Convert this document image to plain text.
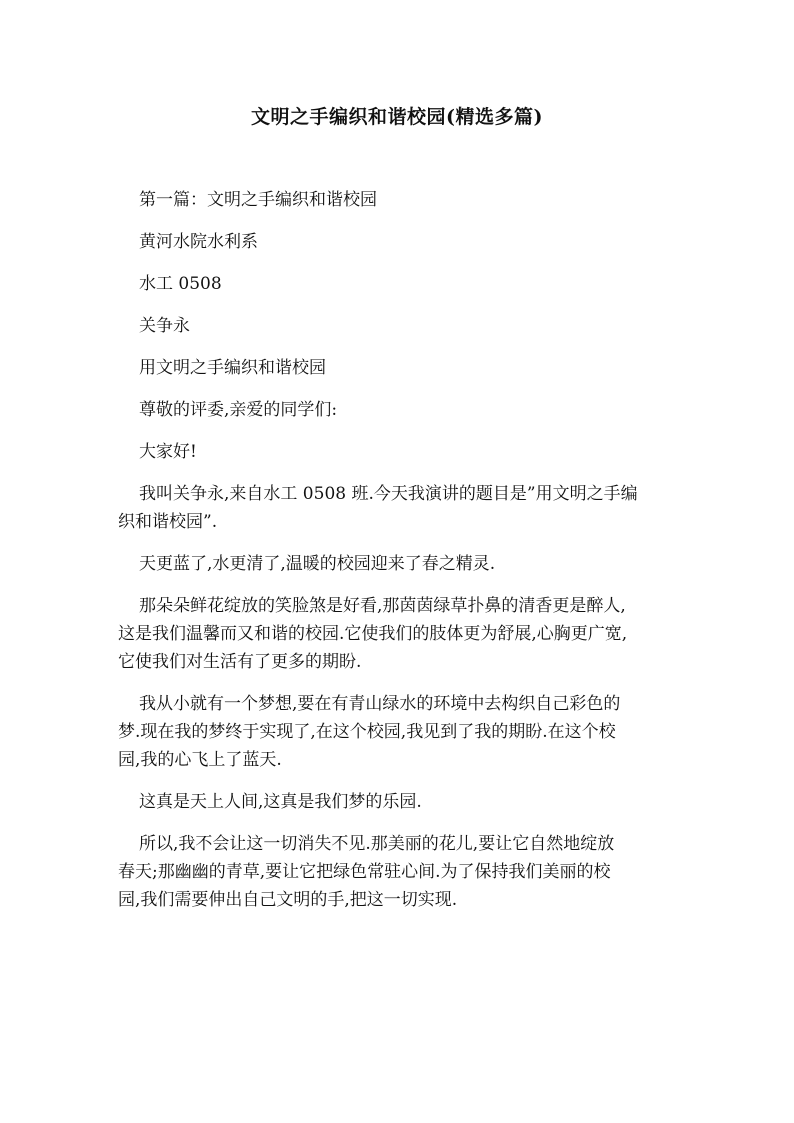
文明之手编织和谐校园(精选多篇)
第一篇：文明之手编织和谐校园
黄河水院水利系
水工 0508
关争永
用文明之手编织和谐校园
尊敬的评委,亲爱的同学们:
大家好!
我叫关争永,来自水工 0508 班.今天我演讲的题目是”用文明之手编
织和谐校园”.
天更蓝了,水更清了,温暖的校园迎来了春之精灵.
那朵朵鲜花绽放的笑脸煞是好看,那茵茵绿草扑鼻的清香更是醉人,
这是我们温馨而又和谐的校园.它使我们的肢体更为舒展,心胸更广宽,
它使我们对生活有了更多的期盼.
我从小就有一个梦想,要在有青山绿水的环境中去构织自己彩色的
梦.现在我的梦终于实现了,在这个校园,我见到了我的期盼.在这个校
园,我的心飞上了蓝天.
这真是天上人间,这真是我们梦的乐园.
所以,我不会让这一切消失不见.那美丽的花儿,要让它自然地绽放
春天;那幽幽的青草,要让它把绿色常驻心间.为了保持我们美丽的校
园,我们需要伸出自己文明的手,把这一切实现.
